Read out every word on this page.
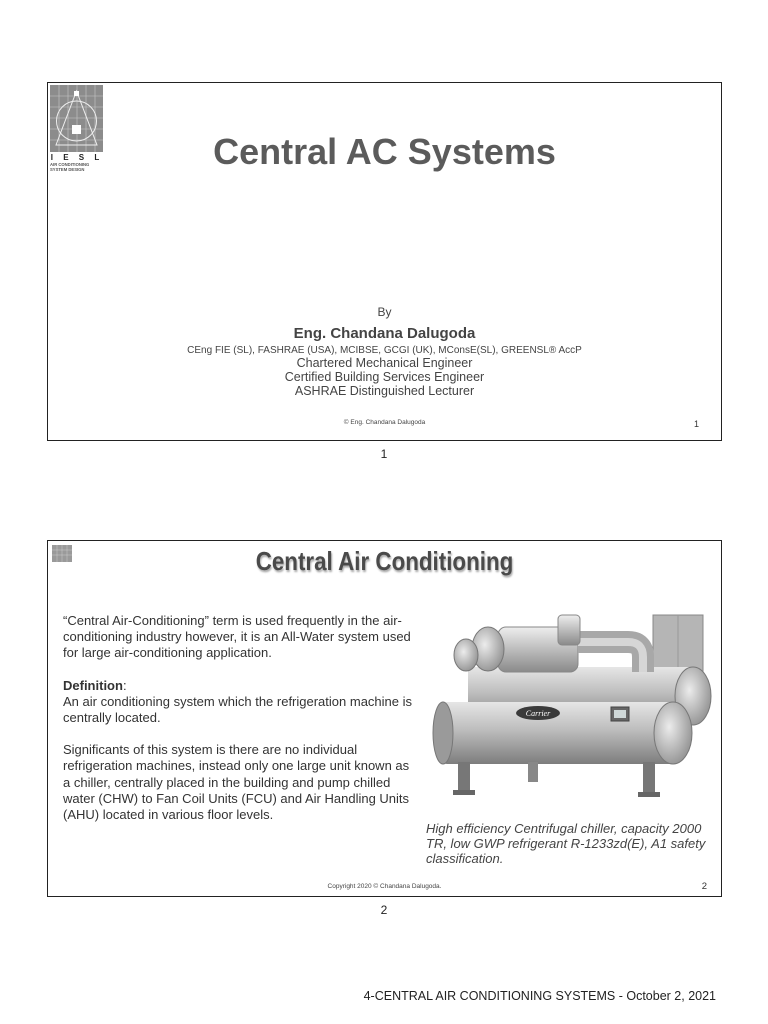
I E S L
AIR CONDITIONING
SYSTEM DESIGN	Central AC Systems
By
Eng. Chandana Dalugoda
CEng FIE (SL), FASHRAE (USA), MCIBSE, GCGI (UK), MConsE(SL), GREENSL® AccP
Chartered Mechanical Engineer
Certified Building Services Engineer
ASHRAE Distinguished Lecturer
© Eng. Chandana Dalugoda	1
1
Central Air Conditioning

“Central Air-Conditioning” term is used frequently in the air-conditioning industry however, it is an All-Water system used for large air-conditioning application.

Definition:
An air conditioning system which the refrigeration machine is centrally located.

Significants of this system is there are no individual refrigeration machines, instead only one large unit known as a chiller, centrally placed in the building and pump chilled water (CHW) to Fan Coil Units (FCU) and Air Handling Units (AHU) located in various floor levels.

Carrier
High efficiency Centrifugal chiller, capacity 2000 TR, low GWP refrigerant R-1233zd(E), A1 safety classification.
Copyright 2020 © Chandana Dalugoda.	2
2
4-CENTRAL AIR CONDITIONING SYSTEMS - October 2, 2021
